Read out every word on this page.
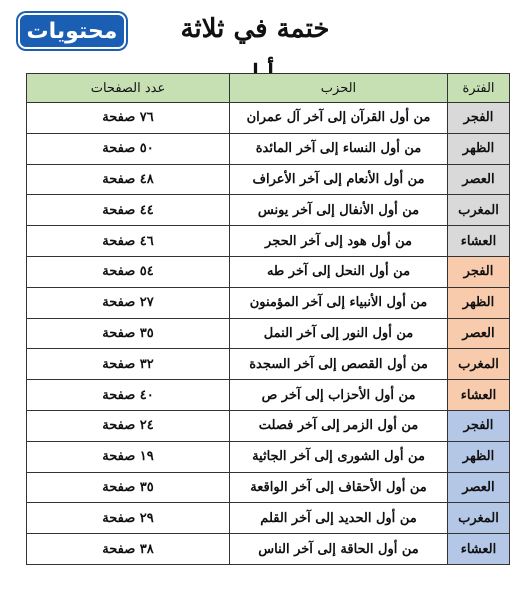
محتويات	ختمة في ثلاثة
الفترة	الحزب	عدد الصفحات
الفجر	من أول القرآن إلى آخر آل عمران	٧٦ صفحة
الظهر	من أول النساء إلى آخر المائدة	٥٠ صفحة
العصر	من أول الأنعام إلى آخر الأعراف	٤٨ صفحة
المغرب	من أول الأنفال إلى آخر يونس	٤٤ صفحة
العشاء	من أول هود إلى آخر الحجر	٤٦ صفحة
الفجر	من أول النحل إلى آخر طه	٥٤ صفحة
الظهر	من أول الأنبياء إلى آخر المؤمنون	٢٧ صفحة
العصر	من أول النور إلى آخر النمل	٣٥ صفحة
المغرب	من أول القصص إلى آخر السجدة	٣٢ صفحة
العشاء	من أول الأحزاب إلى آخر ص	٤٠ صفحة
الفجر	من أول الزمر إلى آخر فصلت	٢٤ صفحة
الظهر	من أول الشورى إلى آخر الجاثية	١٩ صفحة
العصر	من أول الأحقاف إلى آخر الواقعة	٣٥ صفحة
المغرب	من أول الحديد إلى آخر القلم	٢٩ صفحة
العشاء	من أول الحاقة إلى آخر الناس	٣٨ صفحة
